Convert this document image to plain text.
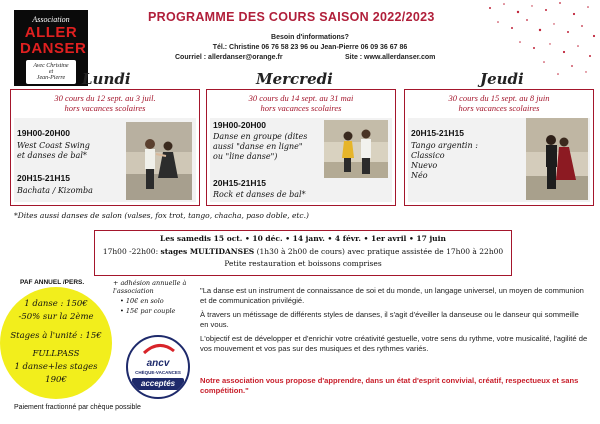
Association
ALLER
DANSER
Avec Christine
et
Jean-Pierre
PROGRAMME DES COURS SAISON 2022/2023
Besoin d'informations?
Tél.: Christine 06 76 58 23 96 ou Jean-Pierre 06 09 36 67 86
Courriel : allerdanser@orange.fr	Site : www.allerdanser.com
Lundi	Mercredi	Jeudi
30 cours du 12 sept. au 3 juil.
hors vacances scolaires
19H00-20H00
West Coast Swing
et danses de bal*
20H15-21H15
Bachata / Kizomba
30 cours du 14 sept. au 31 mai
hors vacances scolaires
19H00-20H00
Danse en groupe (dites
aussi "danse en ligne"
ou "line danse")
20H15-21H15
Rock et danses de bal*
30 cours du 15 sept. au 8 juin
hors vacances scolaires
20H15-21H15
Tango argentin :
Classico
Nuevo
Néo
*Dites aussi danses de salon (valses, fox trot, tango, chacha, paso doble, etc.)
Les samedis 15 oct. • 10 déc. • 14 janv. • 4 févr. • 1er avril • 17 juin
17h00 -22h00: stages MULTIDANSES (1h30 à 2h00 de cours) avec pratique assistée de 17h00 à 22h00
Petite restauration et boissons comprises
PAF ANNUEL /PERS.	+ adhésion annuelle à
l'association
• 10€ en solo
• 15€ par couple
1 danse : 150€
-50% sur la 2ème
Stages à l'unité : 15€
FULLPASS
1 danse+les stages
190€
Paiement fractionné par chèque possible
ancv
CHÈQUE-VACANCES
acceptés
"La danse est un instrument de connaissance de soi et du monde, un langage universel, un moyen de communion et de communication privilégié.
À travers un métissage de différents styles de danses, il s'agit d'éveiller la danseuse ou le danseur qui sommeille en vous.
L'objectif est de développer et d'enrichir votre créativité gestuelle, votre sens du rythme, votre musicalité, l'agilité de vos mouvement et vos pas sur des musiques et des rythmes variés.
Notre association vous propose d'apprendre, dans un état d'esprit convivial, créatif, respectueux et sans compétition."
